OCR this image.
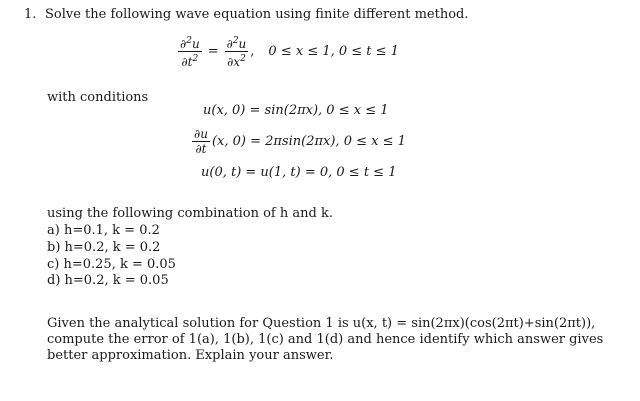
1. Solve the following wave equation using finite different method.
$\frac{\partial^2u}{\partial t^2} = \frac{\partial^2u}{\partial x^2}$ , 0 ≤ x ≤ 1, 0 ≤ t ≤ 1
with conditions
u(x, 0) = sin(2πx), 0 ≤ x ≤ 1
$\frac{\partial u}{\partial t} (x$, 0) = 2πsin(2πx), 0 ≤ x ≤ 1
u(0, t) = u(1, t) = 0, 0 ≤ t ≤ 1
using the following combination of h and k.
a) h=0.1, k = 0.2
b) h=0.2, k = 0.2
c) h=0.25, k = 0.05
d) h=0.2, k = 0.05
Given the analytical solution for Question 1 is u(x, t) = sin(2πx)(cos(2πt)+sin(2πt)),
compute the error of 1(a), 1(b), 1(c) and 1(d) and hence identify which answer gives
better approximation. Explain your answer.
